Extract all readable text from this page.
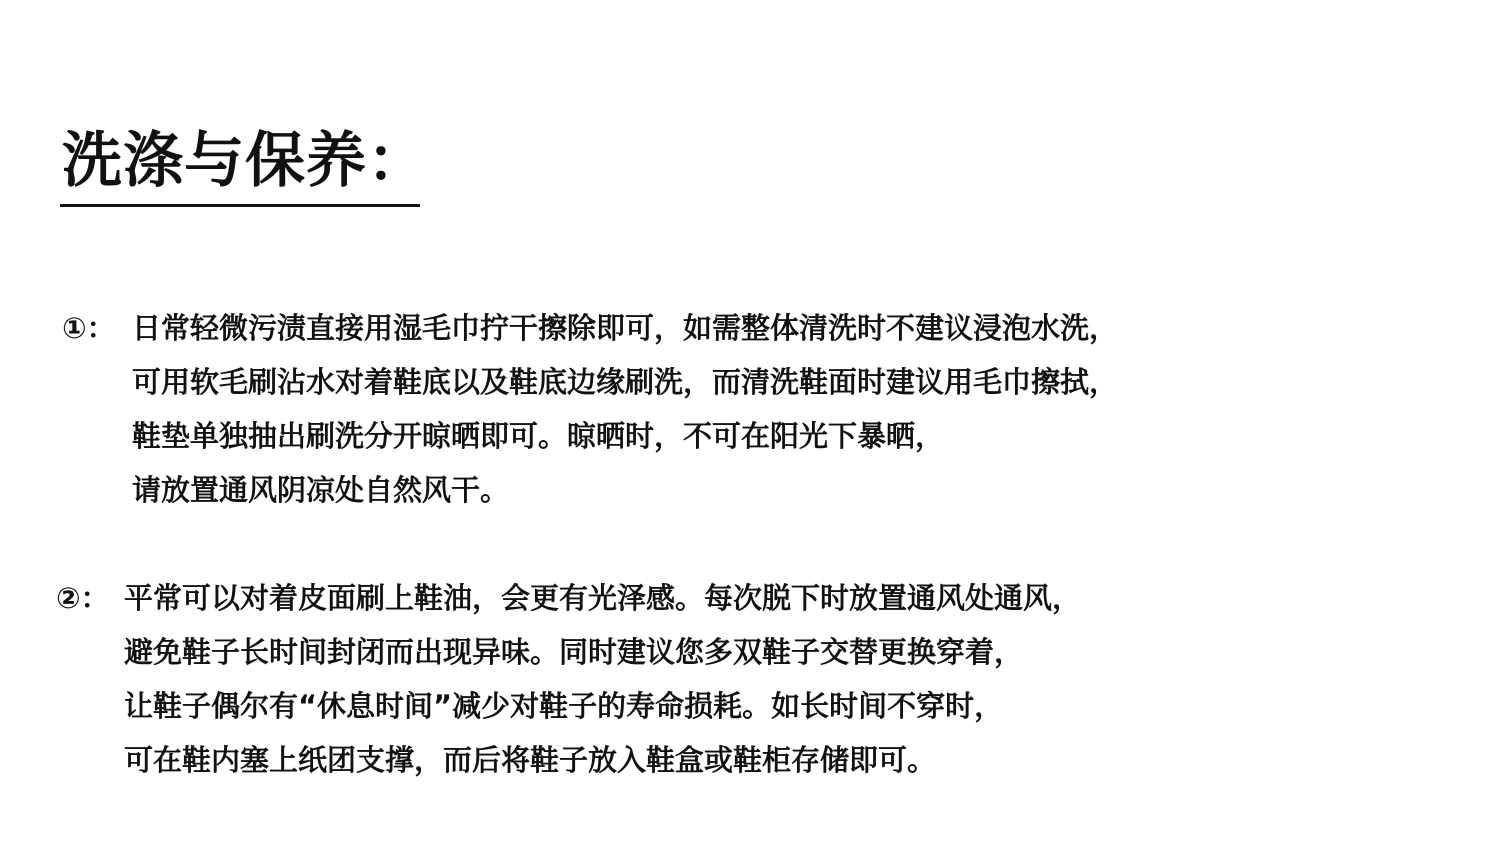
洗涤与保养：
①： 日常轻微污渍直接用湿毛巾拧干擦除即可，如需整体清洗时不建议浸泡水洗，
可用软毛刷沾水对着鞋底以及鞋底边缘刷洗，而清洗鞋面时建议用毛巾擦拭，
鞋垫单独抽出刷洗分开晾晒即可。晾晒时，不可在阳光下暴晒，
请放置通风阴凉处自然风干。
②： 平常可以对着皮面刷上鞋油，会更有光泽感。每次脱下时放置通风处通风，
避免鞋子长时间封闭而出现异味。同时建议您多双鞋子交替更换穿着，
让鞋子偶尔有“休息时间”减少对鞋子的寿命损耗。如长时间不穿时，
可在鞋内塞上纸团支撑，而后将鞋子放入鞋盒或鞋柜存储即可。
